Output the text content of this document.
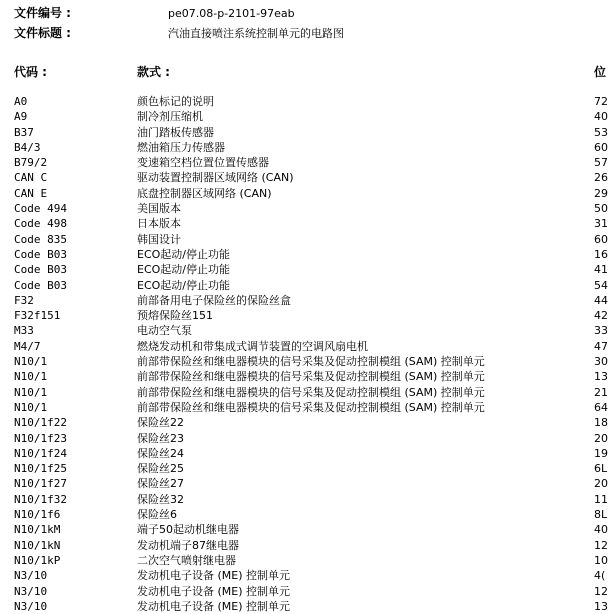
文件编号 :	pe07.08-p-2101-97eab
文件标题 :	汽油直接喷注系统控制单元的电路图
代码 :	款式 :	位
A0	颜色标记的说明	72
A9	制冷剂压缩机	40
B37	油门踏板传感器	53
B4/3	燃油箱压力传感器	60
B79/2	变速箱空档位置位置传感器	57
CAN C	驱动装置控制器区域网络 (CAN)	26
CAN E	底盘控制器区域网络 (CAN)	29
Code 494	美国版本	50
Code 498	日本版本	31
Code 835	韩国设计	60
Code B03	ECO起动/停止功能	16
Code B03	ECO起动/停止功能	41
Code B03	ECO起动/停止功能	54
F32	前部备用电子保险丝的保险丝盒	44
F32f151	预熔保险丝151	42
M33	电动空气泵	33
M4/7	燃烧发动机和带集成式调节装置的空调风扇电机	47
N10/1	前部带保险丝和继电器模块的信号采集及促动控制模组 (SAM) 控制单元	30
N10/1	前部带保险丝和继电器模块的信号采集及促动控制模组 (SAM) 控制单元	13
N10/1	前部带保险丝和继电器模块的信号采集及促动控制模组 (SAM) 控制单元	21
N10/1	前部带保险丝和继电器模块的信号采集及促动控制模组 (SAM) 控制单元	64
N10/1f22	保险丝22	18
N10/1f23	保险丝23	20
N10/1f24	保险丝24	19
N10/1f25	保险丝25	6L
N10/1f27	保险丝27	20
N10/1f32	保险丝32	11
N10/1f6	保险丝6	8L
N10/1kM	端子50起动机继电器	40
N10/1kN	发动机端子87继电器	12
N10/1kP	二次空气喷射继电器	10
N3/10	发动机电子设备 (ME) 控制单元	4(
N3/10	发动机电子设备 (ME) 控制单元	12
N3/10	发动机电子设备 (ME) 控制单元	13
